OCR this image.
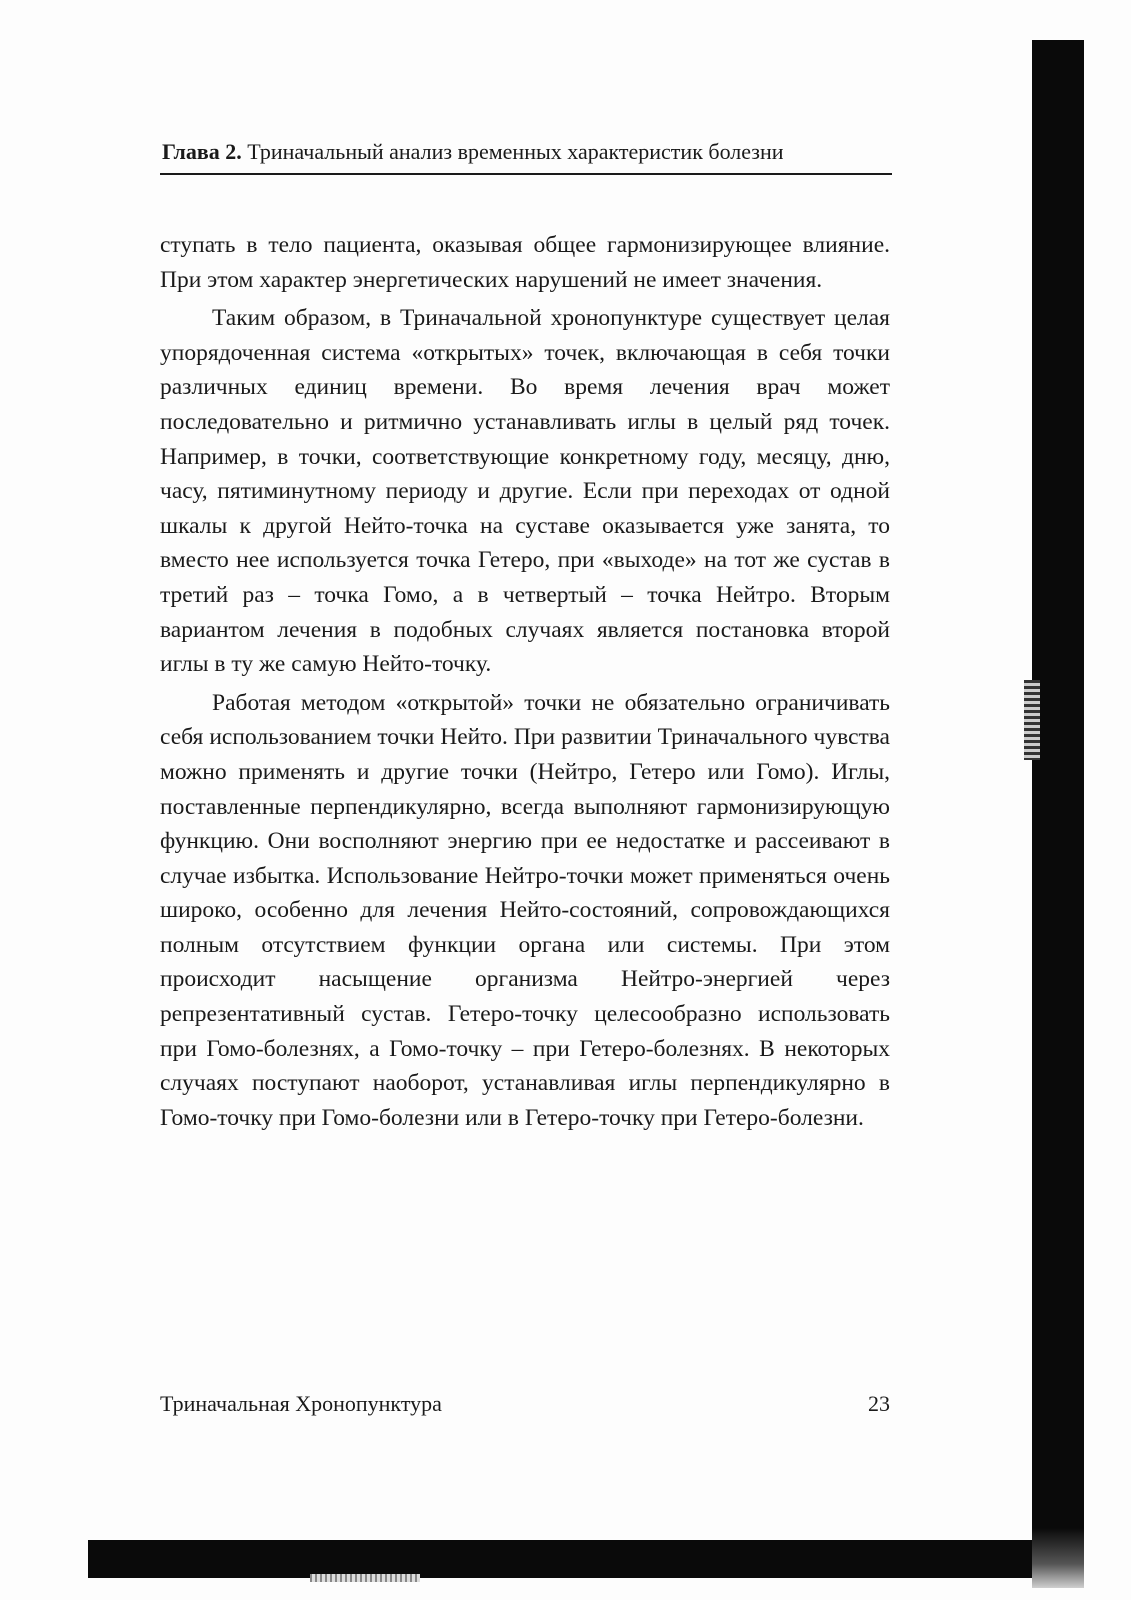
Глава 2. Триначальный анализ временных характеристик болезни

ступать в тело пациента, оказывая общее гармонизирующее влияние. При этом характер энергетических нарушений не имеет значения.

Таким образом, в Триначальной хронопунктуре существует целая упорядоченная система «открытых» точек, включающая в себя точки различных единиц времени. Во время лечения врач может последовательно и ритмично устанавливать иглы в целый ряд точек. Например, в точки, соответствующие конкретному году, месяцу, дню, часу, пятиминутному периоду и другие. Если при переходах от одной шкалы к другой Нейто-точка на суставе оказывается уже занята, то вместо нее используется точка Гетеро, при «выходе» на тот же сустав в третий раз – точка Гомо, а в четвертый – точка Нейтро. Вторым вариантом лечения в подобных случаях является постановка второй иглы в ту же самую Нейто-точку.

Работая методом «открытой» точки не обязательно ограничивать себя использованием точки Нейто. При развитии Триначального чувства можно применять и другие точки (Нейтро, Гетеро или Гомо). Иглы, поставленные перпендикулярно, всегда выполняют гармонизирующую функцию. Они восполняют энергию при ее недостатке и рассеивают в случае избытка. Использование Нейтро-точки может применяться очень широко, особенно для лечения Нейто-состояний, сопровождающихся полным отсутствием функции органа или системы. При этом происходит насыщение организма Нейтро-энергией через репрезентативный сустав. Гетеро-точку целесообразно использовать при Гомо-болезнях, а Гомо-точку – при Гетеро-болезнях. В некоторых случаях поступают наоборот, устанавливая иглы перпендикулярно в Гомо-точку при Гомо-болезни или в Гетеро-точку при Гетеро-болезни.

Триначальная Хронопунктура	23
